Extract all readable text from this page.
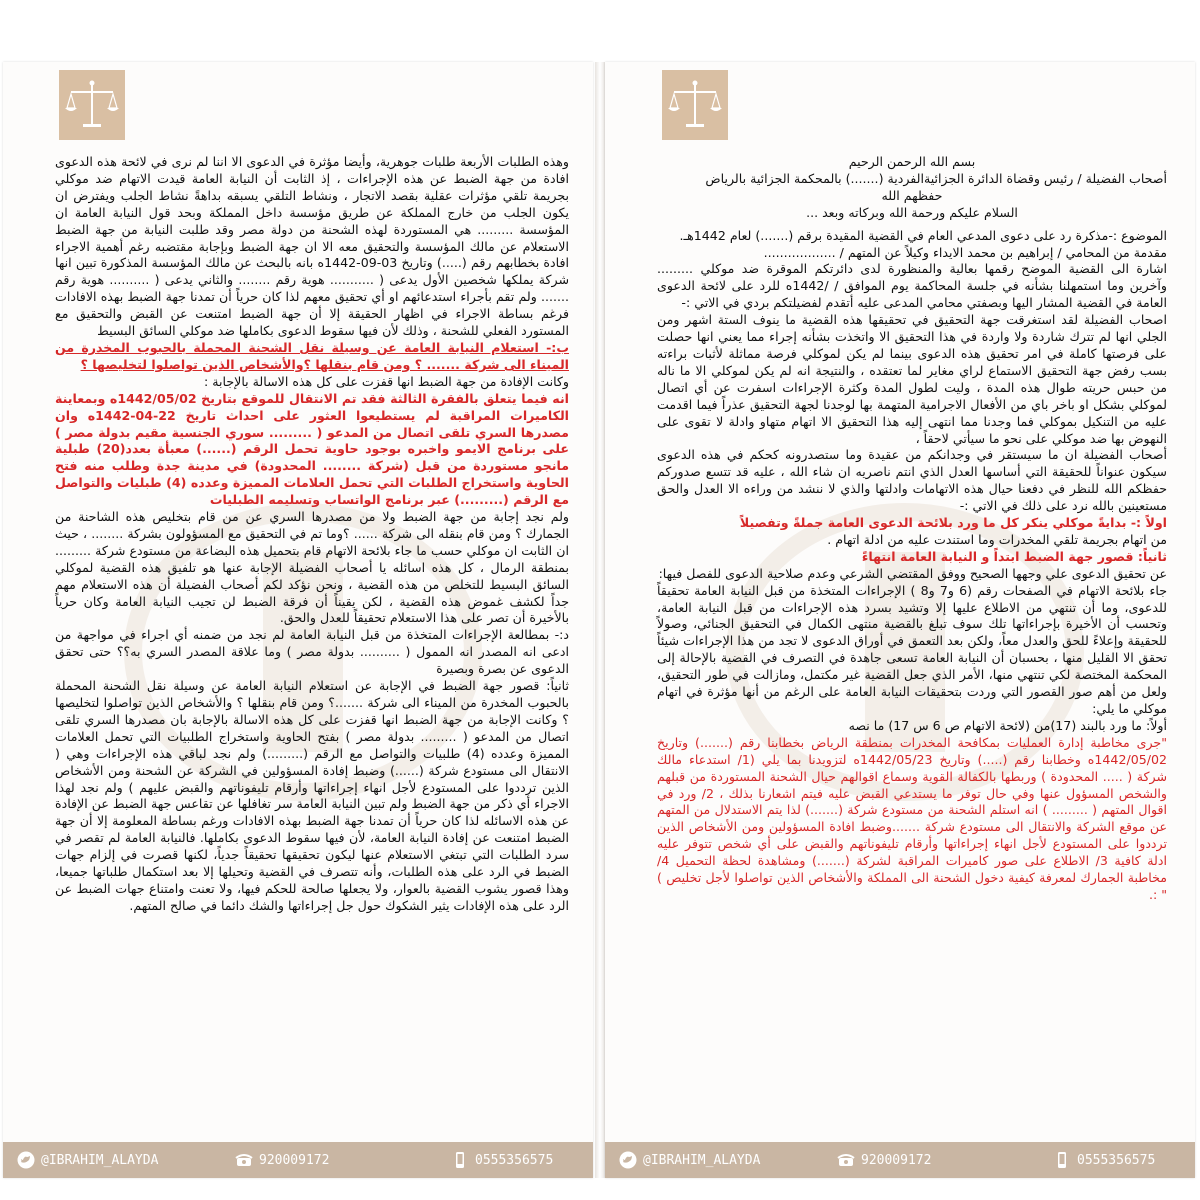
وهذه الطلبات الأربعة طلبات جوهرية، وأيضا مؤثرة في الدعوى الا اننا لم نرى في لائحة هذه الدعوى افادة من جهة الضبط عن هذه الإجراءات ، إذ الثابت أن النيابة العامة قيدت الاتهام ضد موكلي بجريمة تلقي مؤثرات عقلية بقصد الاتجار ، ونشاط التلقي يسبقه بداهةً نشاط الجلب ويفترض ان يكون الجلب من خارج المملكة عن طريق مؤسسة داخل المملكة وبحد قول النيابة العامة ان المؤسسة ......... هي المستوردة لهذه الشحنة من دولة مصر وقد طلبت النيابة من جهة الضبط الاستعلام عن مالك المؤسسة والتحقيق معه الا ان جهة الضبط وبإجابة مقتضبه رغم أهمية الاجراء افادة بخطابهم رقم (.....) وتاريخ 03-09-1442ه بانه بالبحث عن مالك المؤسسة المذكورة تبين انها شركة يملكها شخصين الأول يدعى ( ........... هوية رقم ........ والثاني يدعى ( .......... هوية رقم ....... ولم تقم بأجراء استدعائهم او أي تحقيق معهم لذا كان حرياً أن تمدنا جهة الضبط بهذه الافادات فرغم بساطة الاجراء في اظهار الحقيقة إلا أن جهة الضبط امتنعت عن القبض والتحقيق مع المستورد الفعلي للشحنة ، وذلك لأن فيها سقوط الدعوى بكاملها ضد موكلي السائق البسيط

ب:- استعلام النيابة العامة عن وسيلة نقل الشحنة المحملة بالحبوب المخدرة من الميناء الى شركة ....... ؟ ومن قام بنقلها ؟والأشخاص الذين تواصلوا لتخليصها ؟

وكانت الإفادة من جهة الضبط انها قفزت على كل هذه الاسالة بالإجابة :

انه فيما يتعلق بالفقرة الثالثة فقد تم الانتقال للموقع بتاريخ 1442/05/02ه وبمعاينة الكاميرات المراقبة لم يستطيعوا العثور على احداث تاريخ 22-04-1442ه وان مصدرها السري تلقى اتصال من المدعو ( ......... سوري الجنسية مقيم بدولة مصر ) على برنامج الايمو واخبره بوجود حاوية تحمل الرقم (......) معبأة بعدد(20) طبلية مانجو مستوردة من قبل (شركة ........ المحدودة) في مدينة جدة وطلب منه فتح الحاوية واستخراج الطلبات التي تحمل العلامات المميزة وعدده (4) طبليات والتواصل مع الرقم (.........) عبر برنامج الواتساب وتسليمه الطبليات

ولم نجد إجابة من جهة الضبط ولا من مصدرها السري عن من قام بتخليص هذه الشاحنة من الجمارك ؟ ومن قام بنقله الى شركة ...... ؟وما تم في التحقيق مع المسؤولون بشركة ........ ، حيث ان الثابت ان موكلي حسب ما جاء بلائحة الاتهام قام بتحميل هذه البضاعة من مستودع شركة ......... بمنطقة الرمال ، كل هذه اسائله يا أصحاب الفضيلة الإجابة عنها هو تلفيق هذه القضية لموكلي السائق البسيط للتخلص من هذه القضية ، ونحن نؤكد لكم أصحاب الفضيلة أن هذه الاستعلام مهم جداً لكشف غموض هذه القضية ، لكن يقيناً أن فرقة الضبط لن تجيب النيابة العامة وكان حرياً بالأخيرة أن تصر على هذا الاستعلام تحقيقاً للعدل والحق.

د:- بمطالعة الإجراءات المتخذة من قبل النيابة العامة لم نجد من ضمنه أي اجراء في مواجهة من ادعى انه المصدر انه الممول ( .......... بدولة مصر ) وما علاقة المصدر السري به؟؟ حتى تحقق الدعوى عن بصرة وبصيرة

ثانياً: قصور جهة الضبط في الإجابة عن استعلام النيابة العامة عن وسيلة نقل الشحنة المحملة بالحبوب المخدرة من الميناء الى شركة .......؟ ومن قام بنقلها ؟ والأشخاص الذين تواصلوا لتخليصها ؟ وكانت الإجابة من جهة الضبط انها قفزت على كل هذه الاسالة بالإجابة بان مصدرها السري تلقى اتصال من المدعو ( ......... بدولة مصر ) بفتح الحاوية واستخراج الطلبيات التي تحمل العلامات المميزة وعدده (4) طلبيات والتواصل مع الرقم (.........) ولم نجد لباقي هذه الإجراءات وهي ( الانتقال الى مستودع شركة (......) وضبط إفادة المسؤولين في الشركة عن الشحنة ومن الأشخاص الذين ترددوا على المستودع لأجل انهاء إجراءاتها وأرقام تليفوناتهم والقبض عليهم ) ولم نجد لهذا الاجراء أي ذكر من جهة الضبط ولم تبين النيابة العامة سر تغافلها عن تقاعس جهة الضبط عن الإفادة عن هذه الاسائله لذا كان حرياً أن تمدنا جهة الضبط بهذه الافادات ورغم بساطة المعلومة إلا أن جهة الضبط امتنعت عن إفادة النيابة العامة، لأن فيها سقوط الدعوى بكاملها. فالنيابة العامة لم تقصر في سرد الطلبات التي تبتغي الاستعلام عنها ليكون تحقيقها تحقيقاً جدياً، لكنها قصرت في إلزام جهات الضبط في الرد على هذه الطلبات، وأنه تتصرف في القضية وتحيلها إلا بعد استكمال طلباتها جميعا، وهذا قصور يشوب القضية بالعوار، ولا يجعلها صالحة للحكم فيها، ولا تعنت وامتناع جهات الضبط عن الرد على هذه الإفادات يثير الشكوك حول جل إجراءاتها والشك دائما في صالح المتهم.

@IBRAHIM_ALAYDA	920009172	0555356575

بسم الله الرحمن الرحيم

أصحاب الفضيلة / رئيس وقضاة الدائرة الجزائيةالفردية (.......) بالمحكمة الجزائية بالرياض

حفظهم الله

السلام عليكم ورحمة الله وبركاته وبعد ...

الموضوع :-مذكرة رد على دعوى المدعي العام في القضية المقيدة برقم (.......) لعام 1442هـ.

مقدمة من المحامي / إبراهيم بن محمد الايداء وكيلاً عن المتهم / ..................

اشارة الى القضية الموضح رقمها بعالية والمنظورة لدى دائرتكم الموقرة ضد موكلي ......... وآخرين وما استمهلنا بشأنه في جلسة المحاكمة يوم الموافق / /1442ه للرد على لائحة الدعوى العامة في القضية المشار اليها وبصفتي محامي المدعى عليه أتقدم لفضيلتكم بردي في الاتي :-

اصحاب الفضيلة لقد استغرقت جهة التحقيق في تحقيقها هذه القضية ما ينوف الستة اشهر ومن الجلي انها لم تترك شاردة ولا واردة في هذا التحقيق الا واتخذت بشأنه إجراء مما يعني انها حصلت على فرصتها كاملة في امر تحقيق هذه الدعوى بينما لم يكن لموكلي فرصة مماثلة لأثبات براءته بسب رفض جهة التحقيق الاستماع لراي مغاير لما تعتقده ، والنتيجة انه لم يكن لموكلي الا ما ناله من حبس حريته طوال هذه المدة ، وليت لطول المدة وكثرة الإجراءات اسفرت عن أي اتصال لموكلي بشكل او باخر باي من الأفعال الاجرامية المتهمة بها لوجدنا لجهة التحقيق عذراً فيما اقدمت عليه من التنكيل بموكلي فما وجدنا مما انتهى إليه هذا التحقيق الا اتهام متهاو وادلة لا تقوى على النهوض بها ضد موكلي على نحو ما سيأتي لاحقاً ،

أصحاب الفضيلة ان ما سيستقر في وجدانكم من عقيدة وما ستصدرونه كحكم في هذه الدعوى سيكون عنواناً للحقيقة التي أساسها العدل الذي انتم ناصريه ان شاء الله ، عليه قد تتسع صدوركم حفظكم الله للنظر في دفعنا حيال هذه الاتهامات وادلتها والذي لا ننشد من وراءه الا العدل والحق مستعينين بالله نرد على ذلك في الاتي :-

اولاً :- بدايةً موكلي ينكر كل ما ورد بلائحة الدعوى العامة جملةً وتفصيلاً

من اتهام بجريمة تلقي المخدرات وما استندت عليه من ادلة اتهام .

ثانياً: قصور جهة الضبط ابتداً و النيابة العامة انتهاءً

عن تحقيق الدعوى علي وجهها الصحيح ووفق المقتضي الشرعي وعدم صلاحية الدعوى للفصل فيها:

جاء بلائحة الاتهام في الصفحات رقم (6 و7 و8 ) الإجراءات المتخذة من قبل النيابة العامة تحقيقاً للدعوى، وما أن تنتهي من الاطلاع عليها إلا وتشيد بسرد هذه الإجراءات من قبل النيابة العامة، وتحسب أن الأخيرة بإجراءاتها تلك سوف تبلغ بالقضية منتهى الكمال في التحقيق الجنائي، وصولاً للحقيقة وإعلاءً للحق والعدل معاً، ولكن بعد التعمق في أوراق الدعوى لا تجد من هذا الإجراءات شيئاً تحقق الا القليل منها ، بحسبان أن النيابة العامة تسعى جاهدة في التصرف في القضية بالإحالة إلى المحكمة المختصة لكي تنتهي منها، الأمر الذي جعل القضية غير مكتمل، ومازالت في طور التحقيق، ولعل من أهم صور القصور التي وردت بتحقيقات النيابة العامة على الرغم من أنها مؤثرة في اتهام موكلي ما يلي:

أولاً: ما ورد بالبند (17)من (لائحة الاتهام ص 6 س 17) ما نصه

"جرى مخاطبة إدارة العمليات بمكافحة المخدرات بمنطقة الرياض بخطابنا رقم (.......) وتاريخ 1442/05/02ه وخطابنا رقم (.....) وتاريخ 1442/05/23ه لتزويدنا بما يلي (1/ استدعاء مالك شركة ( ..... المحدودة ) وربطها بالكفالة القوية وسماع اقوالهم حيال الشحنة المستوردة من قبلهم والشخص المسؤول عنها وفي حال توفر ما يستدعي القبض عليه فيتم اشعارنا بذلك ، 2/ ورد في اقوال المتهم ( ......... ) انه استلم الشحنة من مستودع شركة (.......) لذا يتم الاستدلال من المتهم عن موقع الشركة والانتقال الى مستودع شركة .......وضبط افادة المسؤولين ومن الأشخاص الذين ترددوا على المستودع لأجل انهاء إجراءاتها وأرقام تليفوناتهم والقبض على أي شخص تتوفر عليه ادلة كافية 3/ الاطلاع على صور كاميرات المراقبة لشركة (.......) ومشاهدة لحظة التحميل 4/ مخاطبة الجمارك لمعرفة كيفية دخول الشحنة الى المملكة والأشخاص الذين تواصلوا لأجل تخليص ) " :.

@IBRAHIM_ALAYDA	920009172	0555356575
